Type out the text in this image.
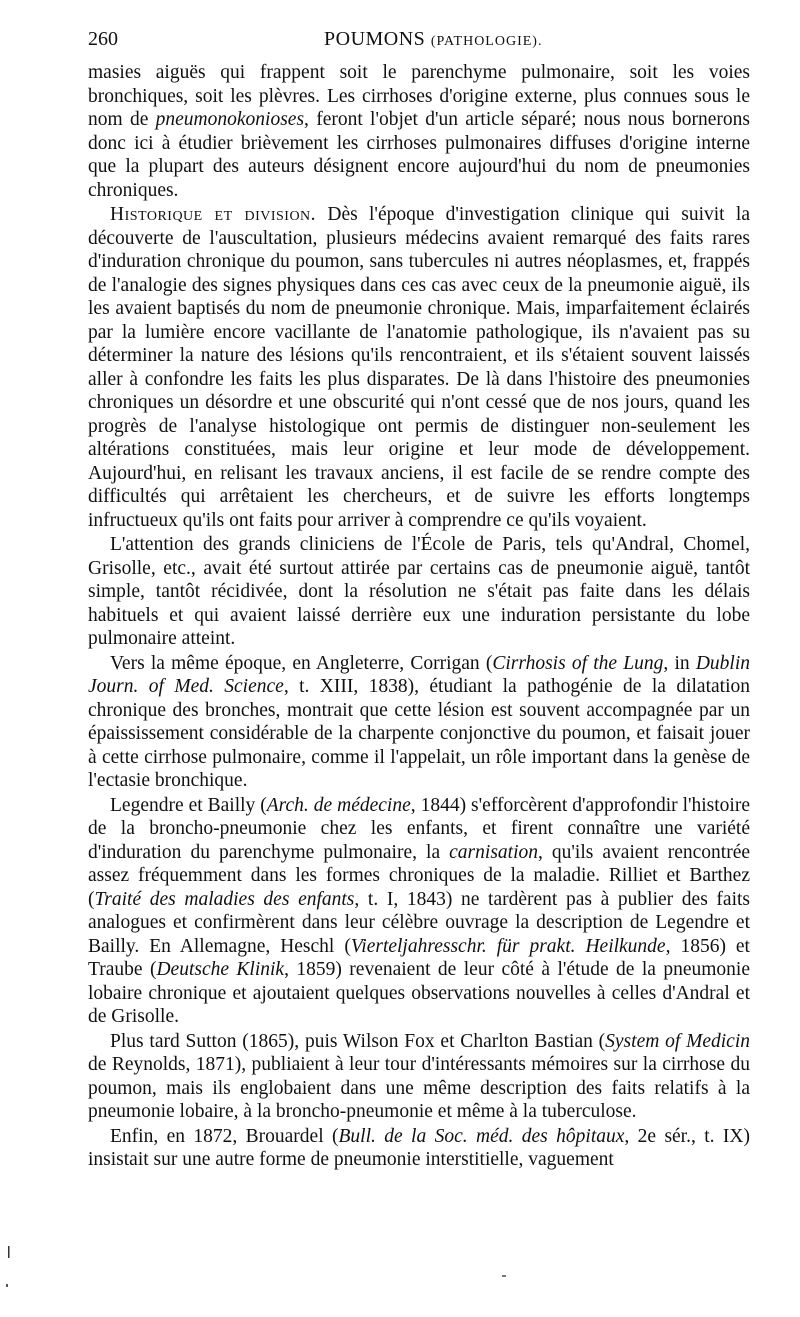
260	POUMONS (PATHOLOGIE).

masies aiguës qui frappent soit le parenchyme pulmonaire, soit les voies bronchiques, soit les plèvres. Les cirrhoses d'origine externe, plus connues sous le nom de pneumonokonioses, feront l'objet d'un article séparé; nous nous bornerons donc ici à étudier brièvement les cirrhoses pulmonaires diffuses d'origine interne que la plupart des auteurs désignent encore aujourd'hui du nom de pneumonies chroniques.

Historique et division. Dès l'époque d'investigation clinique qui suivit la découverte de l'auscultation, plusieurs médecins avaient remarqué des faits rares d'induration chronique du poumon, sans tubercules ni autres néoplasmes, et, frappés de l'analogie des signes physiques dans ces cas avec ceux de la pneumonie aiguë, ils les avaient baptisés du nom de pneumonie chronique. Mais, imparfaitement éclairés par la lumière encore vacillante de l'anatomie pathologique, ils n'avaient pas su déterminer la nature des lésions qu'ils rencontraient, et ils s'étaient souvent laissés aller à confondre les faits les plus disparates. De là dans l'histoire des pneumonies chroniques un désordre et une obscurité qui n'ont cessé que de nos jours, quand les progrès de l'analyse histologique ont permis de distinguer non-seulement les altérations constituées, mais leur origine et leur mode de développement. Aujourd'hui, en relisant les travaux anciens, il est facile de se rendre compte des difficultés qui arrêtaient les chercheurs, et de suivre les efforts longtemps infructueux qu'ils ont faits pour arriver à comprendre ce qu'ils voyaient.

L'attention des grands cliniciens de l'École de Paris, tels qu'Andral, Chomel, Grisolle, etc., avait été surtout attirée par certains cas de pneumonie aiguë, tantôt simple, tantôt récidivée, dont la résolution ne s'était pas faite dans les délais habituels et qui avaient laissé derrière eux une induration persistante du lobe pulmonaire atteint.

Vers la même époque, en Angleterre, Corrigan (Cirrhosis of the Lung, in Dublin Journ. of Med. Science, t. XIII, 1838), étudiant la pathogénie de la dilatation chronique des bronches, montrait que cette lésion est souvent accompagnée par un épaississement considérable de la charpente conjonctive du poumon, et faisait jouer à cette cirrhose pulmonaire, comme il l'appelait, un rôle important dans la genèse de l'ectasie bronchique.

Legendre et Bailly (Arch. de médecine, 1844) s'efforcèrent d'approfondir l'histoire de la broncho-pneumonie chez les enfants, et firent connaître une variété d'induration du parenchyme pulmonaire, la carnisation, qu'ils avaient rencontrée assez fréquemment dans les formes chroniques de la maladie. Rilliet et Barthez (Traité des maladies des enfants, t. I, 1843) ne tardèrent pas à publier des faits analogues et confirmèrent dans leur célèbre ouvrage la description de Legendre et Bailly. En Allemagne, Heschl (Vierteljahresschr. für prakt. Heilkunde, 1856) et Traube (Deutsche Klinik, 1859) revenaient de leur côté à l'étude de la pneumonie lobaire chronique et ajoutaient quelques observations nouvelles à celles d'Andral et de Grisolle.

Plus tard Sutton (1865), puis Wilson Fox et Charlton Bastian (System of Medicin de Reynolds, 1871), publiaient à leur tour d'intéressants mémoires sur la cirrhose du poumon, mais ils englobaient dans une même description des faits relatifs à la pneumonie lobaire, à la broncho-pneumonie et même à la tuberculose.

Enfin, en 1872, Brouardel (Bull. de la Soc. méd. des hôpitaux, 2e sér., t. IX) insistait sur une autre forme de pneumonie interstitielle, vaguement
